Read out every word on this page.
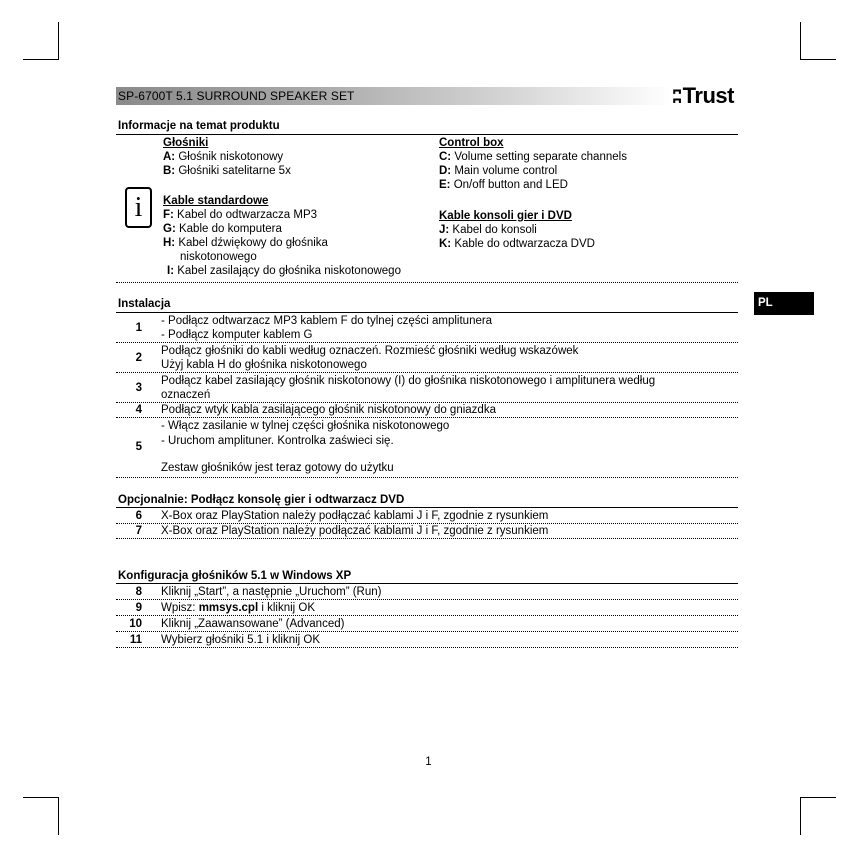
SP-6700T 5.1 SURROUND SPEAKER SET	ʭTrust
PL
Informacje na temat produktu
i
Głośniki
A: Głośnik niskotonowy
B: Głośniki satelitarne 5x
Kable standardowe
F: Kabel do odtwarzacza MP3
G: Kable do komputera
H: Kabel dźwiękowy do głośnika
niskotonowego
I: Kabel zasilający do głośnika niskotonowego
Control box
C: Volume setting separate channels
D: Main volume control
E: On/off button and LED
Kable konsoli gier i DVD
J: Kabel do konsoli
K: Kable do odtwarzacza DVD
Instalacja
1
- Podłącz odtwarzacz MP3 kablem F do tylnej części amplitunera
- Podłącz komputer kablem G
2
Podłącz głośniki do kabli według oznaczeń. Rozmieść głośniki według wskazówek
Użyj kabla H do głośnika niskotonowego
3
Podłącz kabel zasilający głośnik niskotonowy (I) do głośnika niskotonowego i amplitunera według
oznaczeń
4 Podłącz wtyk kabla zasilającego głośnik niskotonowy do gniazdka
5
- Włącz zasilanie w tylnej części głośnika niskotonowego
- Uruchom amplituner. Kontrolka zaświeci się.
Zestaw głośników jest teraz gotowy do użytku
Opcjonalnie: Podłącz konsolę gier i odtwarzacz DVD
6 X-Box oraz PlayStation należy podłączać kablami J i F, zgodnie z rysunkiem
7 X-Box oraz PlayStation należy podłączać kablami J i F, zgodnie z rysunkiem
Konfiguracja głośników 5.1 w Windows XP
8 Kliknij „Start”, a następnie „Uruchom” (Run)
9 Wpisz: mmsys.cpl i kliknij OK
10 Kliknij „Zaawansowane” (Advanced)
11 Wybierz głośniki 5.1 i kliknij OK
1
